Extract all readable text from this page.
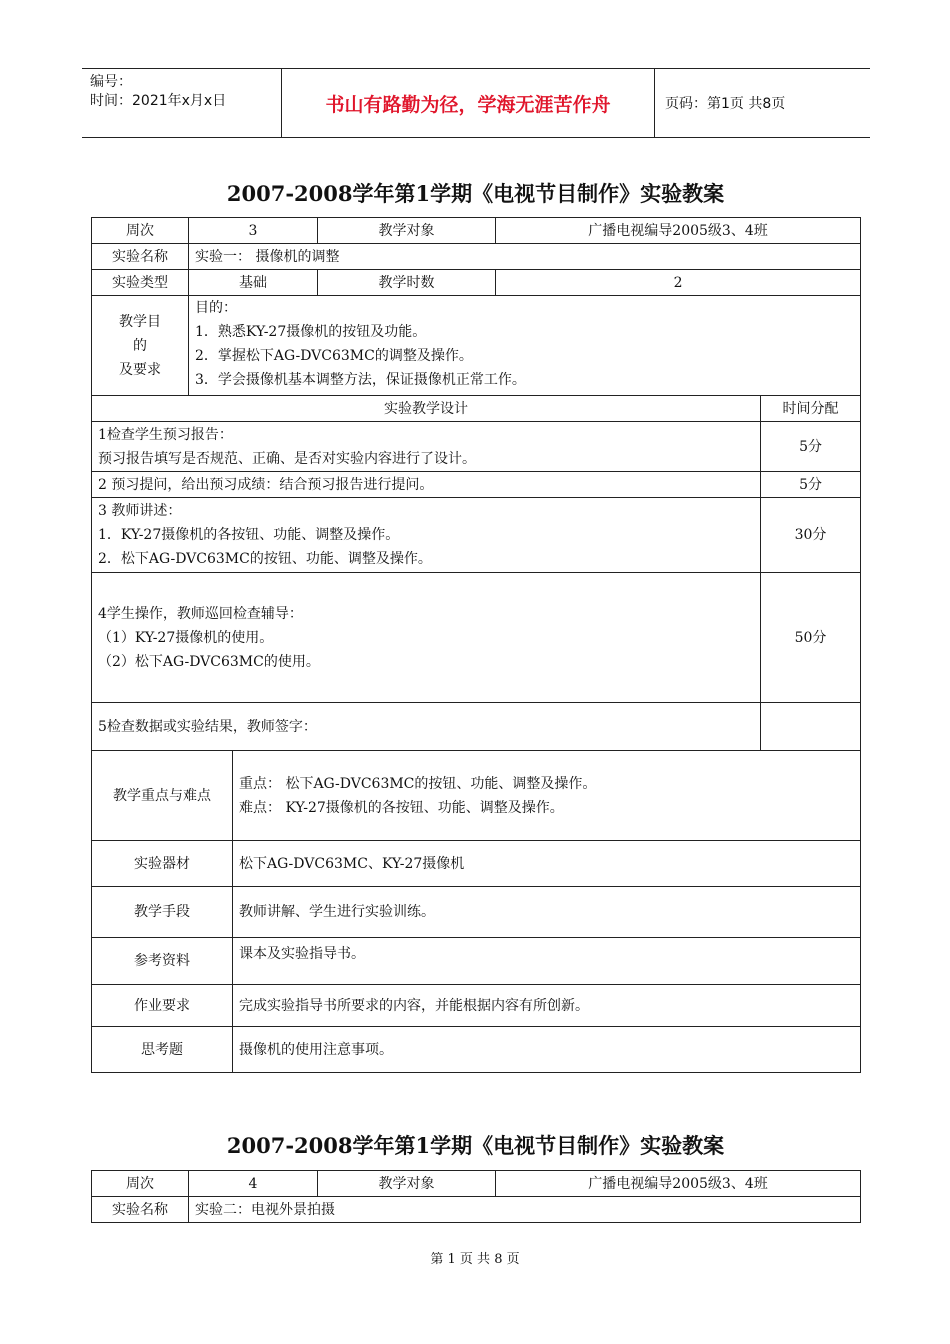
编号：
时间：2021年x月x日	书山有路勤为径，学海无涯苦作舟	页码：第1页 共8页
2007-2008学年第1学期《电视节目制作》实验教案
周次	3		教学对象	广播电视编导2005级3、4班	
实验名称	实验一： 摄像机的调整				
实验类型	基础		教学时数	2	

教学目
的
及要求	目的：
1．熟悉KY-27摄像机的按钮及功能。
2．掌握松下AG-DVC63MC的调整及操作。
3．学会摄像机基本调整方法，保证摄像机正常工作。				

实验教学设计					时间分配

1检查学生预习报告：
预习报告填写是否规范、正确、是否对实验内容进行了设计。					5分
2 预习提问，给出预习成绩：结合预习报告进行提问。					5分

3 教师讲述：
1．KY-27摄像机的各按钮、功能、调整及操作。
2．松下AG-DVC63MC的按钮、功能、调整及操作。					30分

4学生操作，教师巡回检查辅导：
（1）KY-27摄像机的使用。
（2）松下AG-DVC63MC的使用。					50分
5检查数据或实验结果，教师签字：					
教学重点与难点		重点： 松下AG-DVC63MC的按钮、功能、调整及操作。
难点： KY-27摄像机的各按钮、功能、调整及操作。			

实验器材		松下AG-DVC63MC、KY-27摄像机			
教学手段		教师讲解、学生进行实验训练。			
参考资料		课本及实验指导书。			
作业要求		完成实验指导书所要求的内容，并能根据内容有所创新。			
思考题		摄像机的使用注意事项。			
2007-2008学年第1学期《电视节目制作》实验教案
周次	4	教学对象	广播电视编导2005级3、4班
实验名称	实验二：电视外景拍摄		
第 1 页 共 8 页
